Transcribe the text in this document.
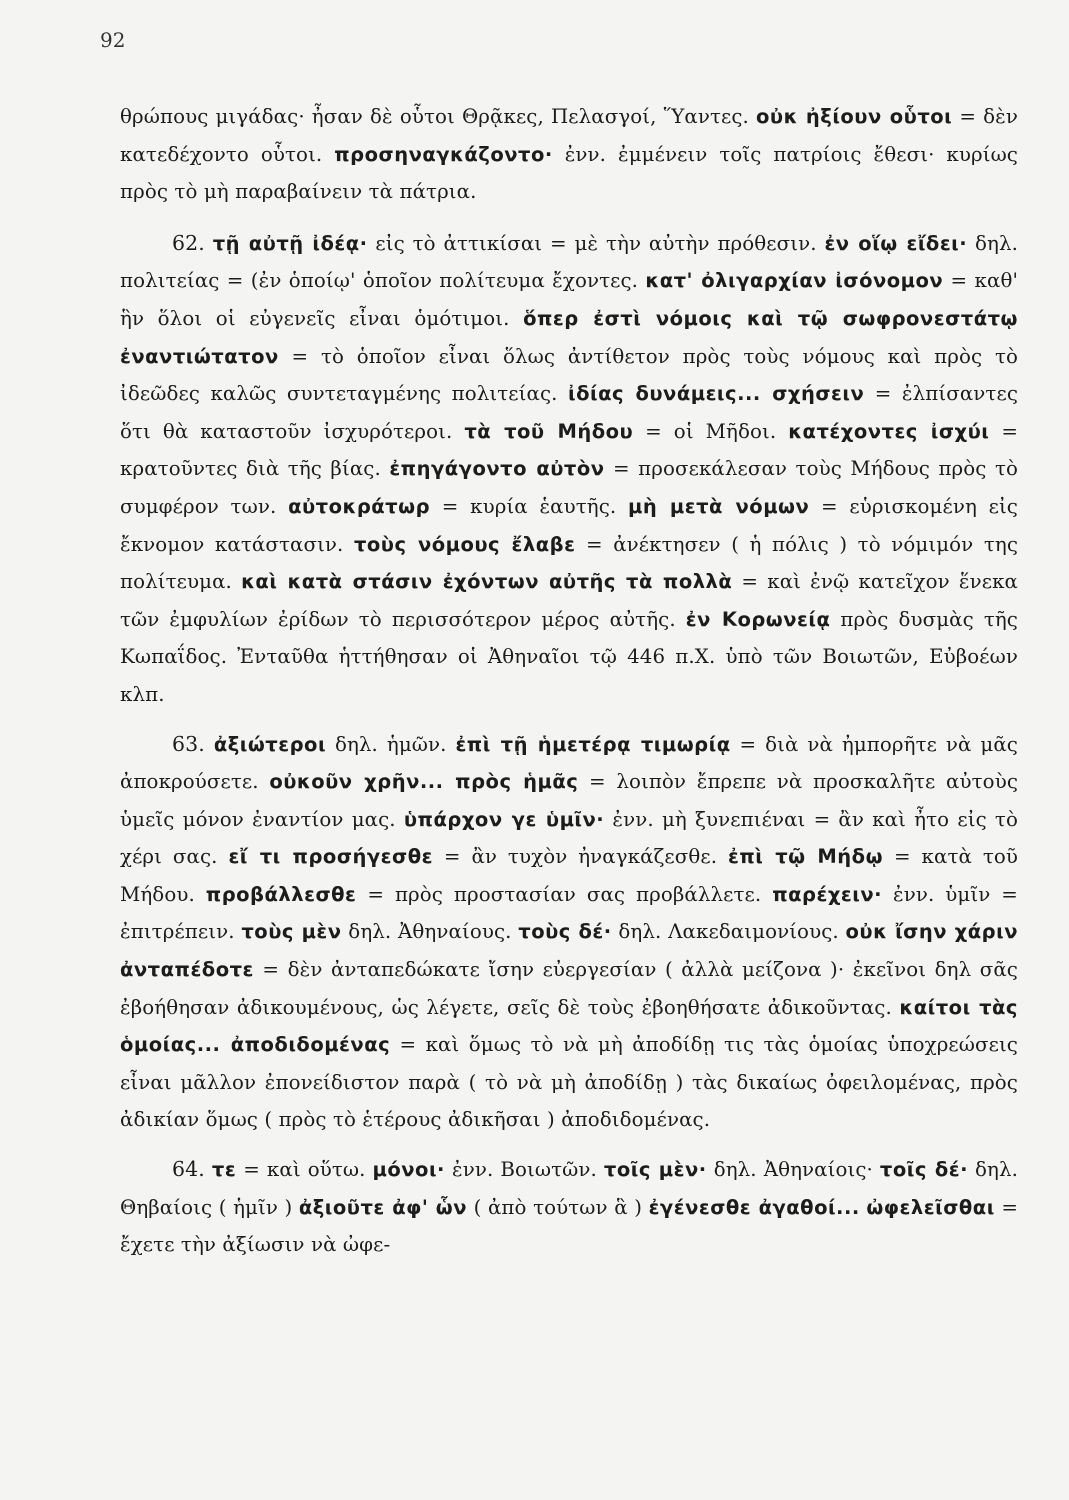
92

θρώπους μιγάδας· ἦσαν δὲ οὗτοι Θρᾷκες, Πελασγοί, Ὕαντες. οὐκ ἠξίουν οὗτοι = δὲν κατεδέχοντο οὗτοι. προσηναγκάζοντο· ἐνν. ἐμμένειν τοῖς πατρίοις ἔθεσι· κυρίως πρὸς τὸ μὴ παραβαίνειν τὰ πάτρια.

62. τῇ αὐτῇ ἰδέᾳ· εἰς τὸ ἀττικίσαι = μὲ τὴν αὐτὴν πρόθεσιν. ἐν οἵῳ εἴδει· δηλ. πολιτείας = (ἐν ὁποίῳ' ὁποῖον πολίτευμα ἔχοντες. κατ' ὀλιγαρχίαν ἰσόνομον = καθ' ἣν ὅλοι οἱ εὐγενεῖς εἶναι ὁμότιμοι. ὅπερ ἐστὶ νόμοις καὶ τῷ σωφρονεστάτῳ ἐναντιώτατον = τὸ ὁποῖον εἶναι ὅλως ἀντίθετον πρὸς τοὺς νόμους καὶ πρὸς τὸ ἰδεῶδες καλῶς συντεταγμένης πολιτείας. ἰδίας δυνάμεις... σχήσειν = ἐλπίσαντες ὅτι θὰ καταστοῦν ἰσχυρότεροι. τὰ τοῦ Μήδου = οἱ Μῆδοι. κατέχοντες ἰσχύι = κρατοῦντες διὰ τῆς βίας. ἐπηγάγοντο αὐτὸν = προσεκάλεσαν τοὺς Μήδους πρὸς τὸ συμφέρον των. αὐτοκράτωρ = κυρία ἑαυτῆς. μὴ μετὰ νόμων = εὑρισκομένη εἰς ἔκνομον κατάστασιν. τοὺς νόμους ἔλαβε = ἀνέκτησεν ( ἡ πόλις ) τὸ νόμιμόν της πολίτευμα. καὶ κατὰ στάσιν ἐχόντων αὐτῆς τὰ πολλὰ = καὶ ἐνῷ κατεῖχον ἕνεκα τῶν ἐμφυλίων ἐρίδων τὸ περισσότερον μέρος αὐτῆς. ἐν Κορωνείᾳ πρὸς δυσμὰς τῆς Κωπαΐδος. Ἐνταῦθα ἡττήθησαν οἱ Ἀθηναῖοι τῷ 446 π.Χ. ὑπὸ τῶν Βοιωτῶν, Εὐβοέων κλπ.

63. ἀξιώτεροι δηλ. ἡμῶν. ἐπὶ τῇ ἡμετέρᾳ τιμωρίᾳ = διὰ νὰ ἠμπορῆτε νὰ μᾶς ἀποκρούσετε. οὐκοῦν χρῆν... πρὸς ἡμᾶς = λοιπὸν ἔπρεπε νὰ προσκαλῆτε αὐτοὺς ὑμεῖς μόνον ἐναντίον μας. ὑπάρχον γε ὑμῖν· ἐνν. μὴ ξυνεπιέναι = ἂν καὶ ἦτο εἰς τὸ χέρι σας. εἴ τι προσήγεσθε = ἂν τυχὸν ἠναγκάζεσθε. ἐπὶ τῷ Μήδῳ = κατὰ τοῦ Μήδου. προβάλλεσθε = πρὸς προστασίαν σας προβάλλετε. παρέχειν· ἐνν. ὑμῖν = ἐπιτρέπειν. τοὺς μὲν δηλ. Ἀθηναίους. τοὺς δέ· δηλ. Λακεδαιμονίους. οὐκ ἴσην χάριν ἀνταπέδοτε = δὲν ἀνταπεδώκατε ἴσην εὐεργεσίαν ( ἀλλὰ μείζονα )· ἐκεῖνοι δηλ σᾶς ἐβοήθησαν ἀδικουμένους, ὡς λέγετε, σεῖς δὲ τοὺς ἐβοηθήσατε ἀδικοῦντας. καίτοι τὰς ὁμοίας... ἀποδιδομένας = καὶ ὅμως τὸ νὰ μὴ ἀποδίδῃ τις τὰς ὁμοίας ὑποχρεώσεις εἶναι μᾶλλον ἐπονείδιστον παρὰ ( τὸ νὰ μὴ ἀποδίδῃ ) τὰς δικαίως ὀφειλομένας, πρὸς ἀδικίαν ὅμως ( πρὸς τὸ ἑτέρους ἀδικῆσαι ) ἀποδιδομένας.

64. τε = καὶ οὕτω. μόνοι· ἐνν. Βοιωτῶν. τοῖς μὲν· δηλ. Ἀθηναίοις· τοῖς δέ· δηλ. Θηβαίοις ( ἡμῖν ) ἀξιοῦτε ἀφ' ὧν ( ἀπὸ τούτων ἃ ) ἐγένεσθε ἀγαθοί... ὠφελεῖσθαι = ἔχετε τὴν ἀξίωσιν νὰ ὠφε-
